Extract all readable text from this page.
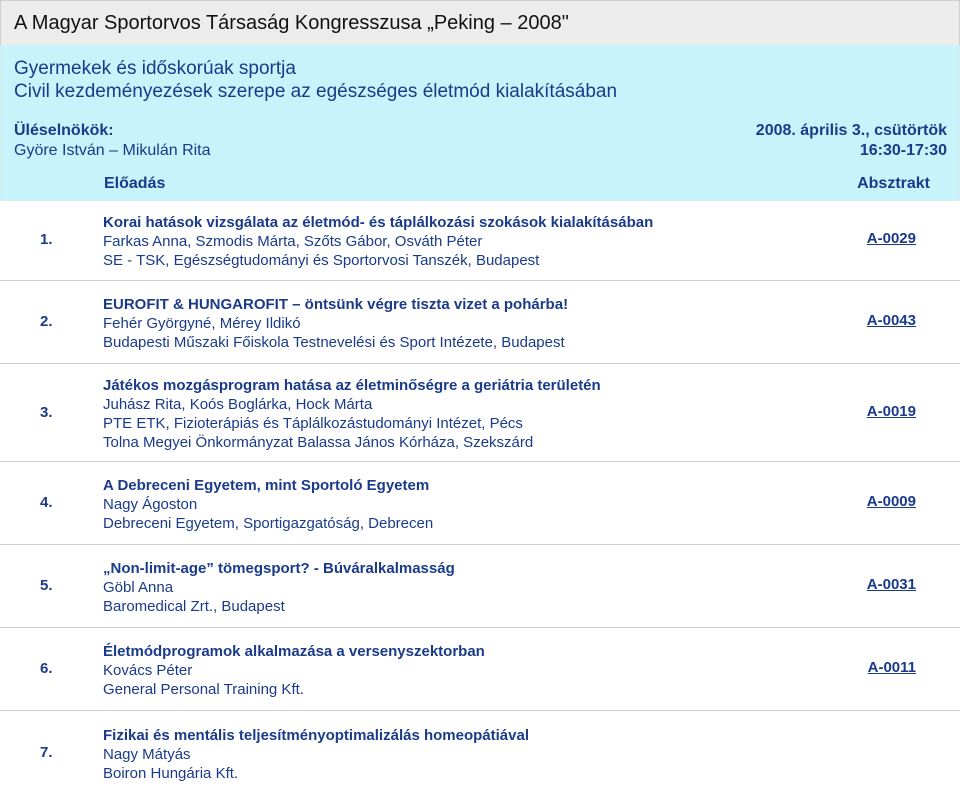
A Magyar Sportorvos Társaság Kongresszusa „Peking – 2008"
Gyermekek és időskorúak sportja
Civil kezdeményezések szerepe az egészséges életmód kialakításában
Üléselnökök:
Györe István – Mikulán Rita
2008. április 3., csütörtök
16:30-17:30
Előadás	Absztrakt
1.
Korai hatások vizsgálata az életmód- és táplálkozási szokások kialakításában
Farkas Anna, Szmodis Márta, Szőts Gábor, Osváth Péter
SE - TSK, Egészségtudományi és Sportorvosi Tanszék, Budapest
A-0029
2.
EUROFIT & HUNGAROFIT – öntsünk végre tiszta vizet a pohárba!
Fehér Györgyné, Mérey Ildikó
Budapesti Műszaki Főiskola Testnevelési és Sport Intézete, Budapest
A-0043
3.
Játékos mozgásprogram hatása az életminőségre a geriátria területén
Juhász Rita, Koós Boglárka, Hock Márta
PTE ETK, Fizioterápiás és Táplálkozástudományi Intézet, Pécs
Tolna Megyei Önkormányzat Balassa János Kórháza, Szekszárd
A-0019
4.
A Debreceni Egyetem, mint Sportoló Egyetem
Nagy Ágoston
Debreceni Egyetem, Sportigazgatóság, Debrecen
A-0009
5.
„Non-limit-age” tömegsport? - Búváralkalmasság
Göbl Anna
Baromedical Zrt., Budapest
A-0031
6.
Életmódprogramok alkalmazása a versenyszektorban
Kovács Péter
General Personal Training Kft.
A-0011
7.
Fizikai és mentális teljesítményoptimalizálás homeopátiával
Nagy Mátyás
Boiron Hungária Kft.
